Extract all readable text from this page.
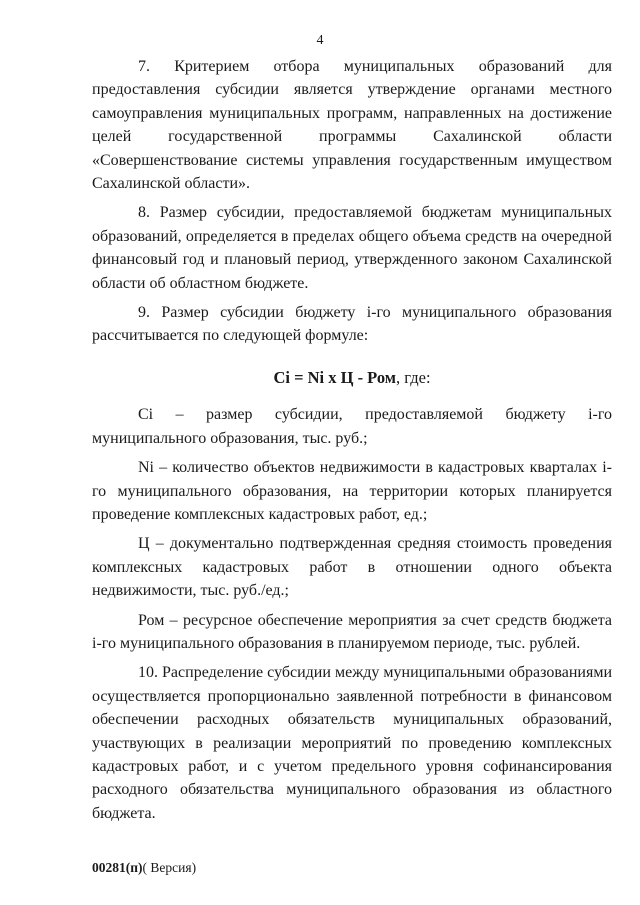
4

7. Критерием отбора муниципальных образований для предоставления субсидии является утверждение органами местного самоуправления муниципальных программ, направленных на достижение целей государственной программы Сахалинской области «Совершенствование системы управления государственным имуществом Сахалинской области».

8. Размер субсидии, предоставляемой бюджетам муниципальных образований, определяется в пределах общего объема средств на очередной финансовый год и плановый период, утвержденного законом Сахалинской области об областном бюджете.

9. Размер субсидии бюджету i-го муниципального образования рассчитывается по следующей формуле:

Ci = Ni x Ц - Ром, где:

Ci – размер субсидии, предоставляемой бюджету i-го муниципального образования, тыс. руб.;

Ni – количество объектов недвижимости в кадастровых кварталах i-го муниципального образования, на территории которых планируется проведение комплексных кадастровых работ, ед.;

Ц – документально подтвержденная средняя стоимость проведения комплексных кадастровых работ в отношении одного объекта недвижимости, тыс. руб./ед.;

Ром – ресурсное обеспечение мероприятия за счет средств бюджета i-го муниципального образования в планируемом периоде, тыс. рублей.

10. Распределение субсидии между муниципальными образованиями осуществляется пропорционально заявленной потребности в финансовом обеспечении расходных обязательств муниципальных образований, участвующих в реализации мероприятий по проведению комплексных кадастровых работ, и с учетом предельного уровня софинансирования расходного обязательства муниципального образования из областного бюджета.

00281(п)( Версия)
